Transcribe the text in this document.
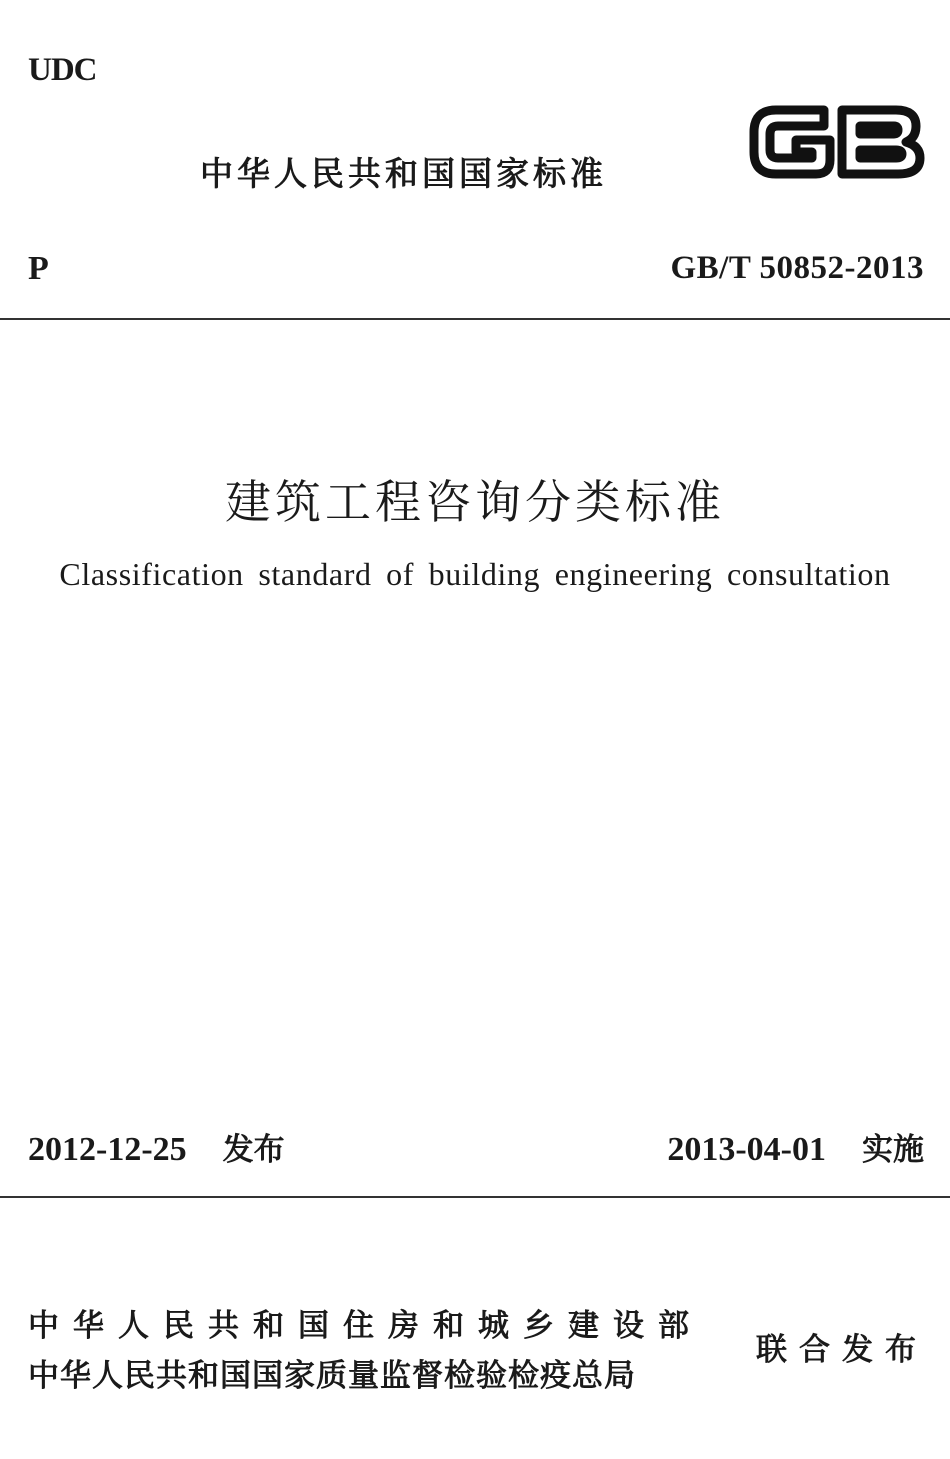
UDC
中华人民共和国国家标准
P	GB/T 50852-2013
建筑工程咨询分类标准
Classification standard of building engineering consultation
2012-12-25 发布	2013-04-01 实施
中华人民共和国住房和城乡建设部
中华人民共和国国家质量监督检验检疫总局
联合发布
